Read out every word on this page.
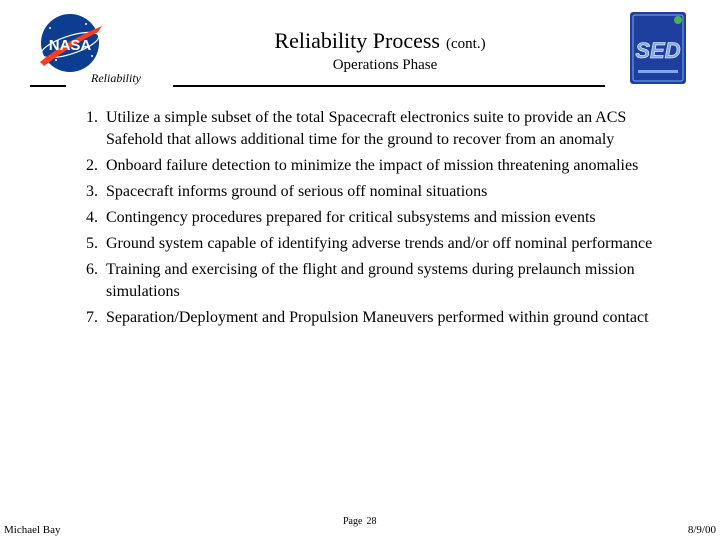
NASA	SED
Reliability Process (cont.)
Operations Phase
Reliability
1. Utilize a simple subset of the total Spacecraft electronics suite to provide an ACS Safehold that allows additional time for the ground to recover from an anomaly
2. Onboard failure detection to minimize the impact of mission threatening anomalies
3. Spacecraft informs ground of serious off nominal situations
4. Contingency procedures prepared for critical subsystems and mission events
5. Ground system capable of identifying adverse trends and/or off nominal performance
6. Training and exercising of the flight and ground systems during prelaunch mission simulations
7. Separation/Deployment and Propulsion Maneuvers performed within ground contact
Michael Bay
Page 28
8/9/00
